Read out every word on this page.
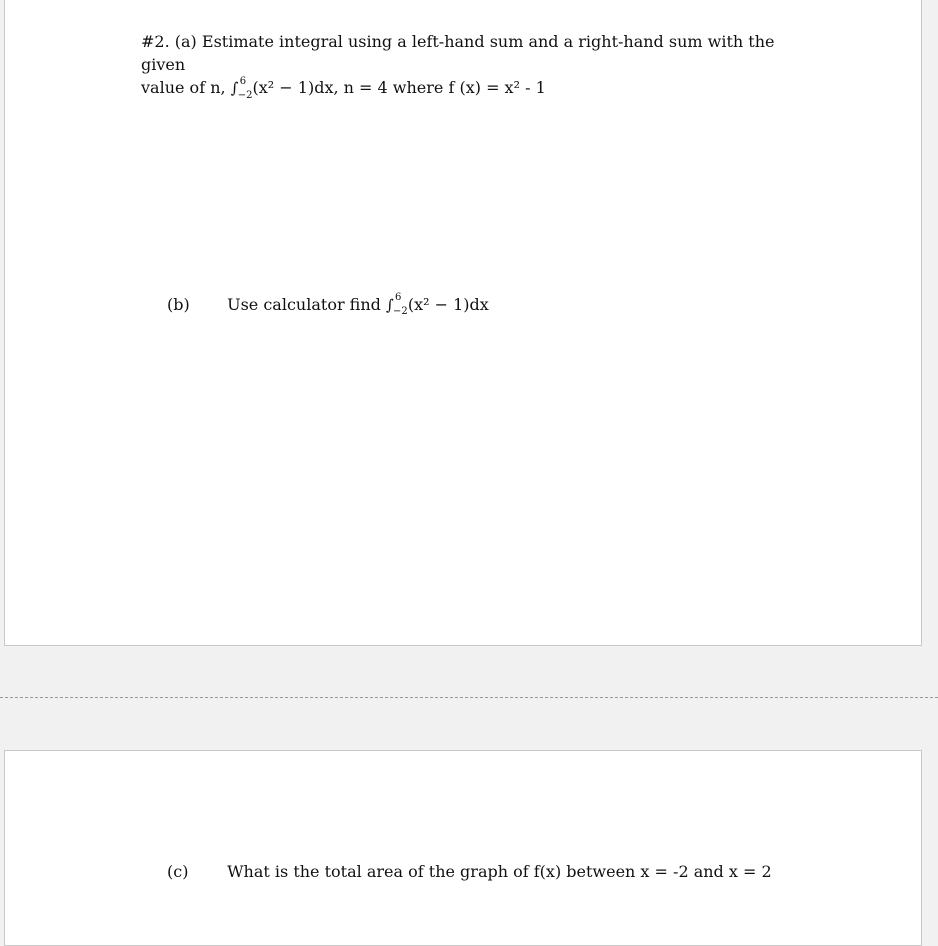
#2. (a) Estimate integral using a left-hand sum and a right-hand sum with the given
value of n, ∫ 6
−2 (x² − 1)dx, n = 4 where f (x) = x² - 1
(b) Use calculator find ∫ 6
−2 (x² − 1)dx
(c) What is the total area of the graph of f(x) between x = -2 and x = 2
